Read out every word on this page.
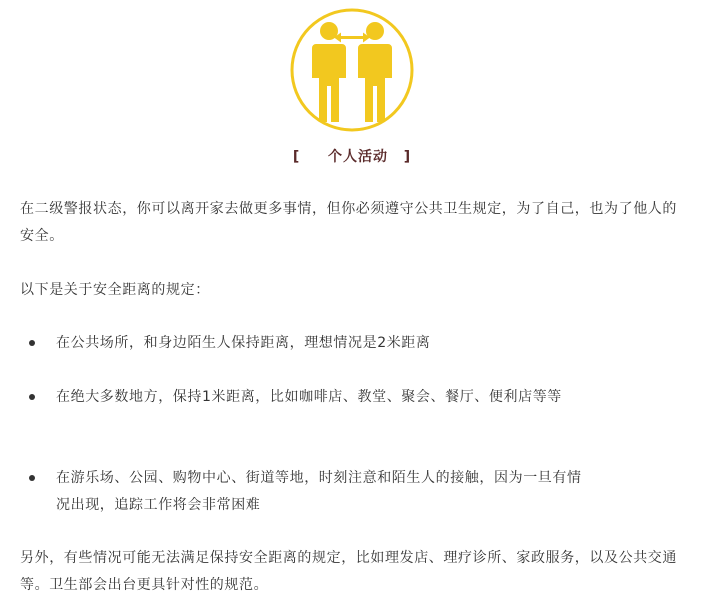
[ 个人活动 ]

在二级警报状态，你可以离开家去做更多事情，但你必须遵守公共卫生规定，为了自己，也为了他人的安全。

以下是关于安全距离的规定：

在公共场所，和身边陌生人保持距离，理想情况是2米距离

在绝大多数地方，保持1米距离，比如咖啡店、教堂、聚会、餐厅、便利店等等

在游乐场、公园、购物中心、街道等地，时刻注意和陌生人的接触，因为一旦有情况出现，追踪工作将会非常困难

另外，有些情况可能无法满足保持安全距离的规定，比如理发店、理疗诊所、家政服务，以及公共交通等。卫生部会出台更具针对性的规范。
